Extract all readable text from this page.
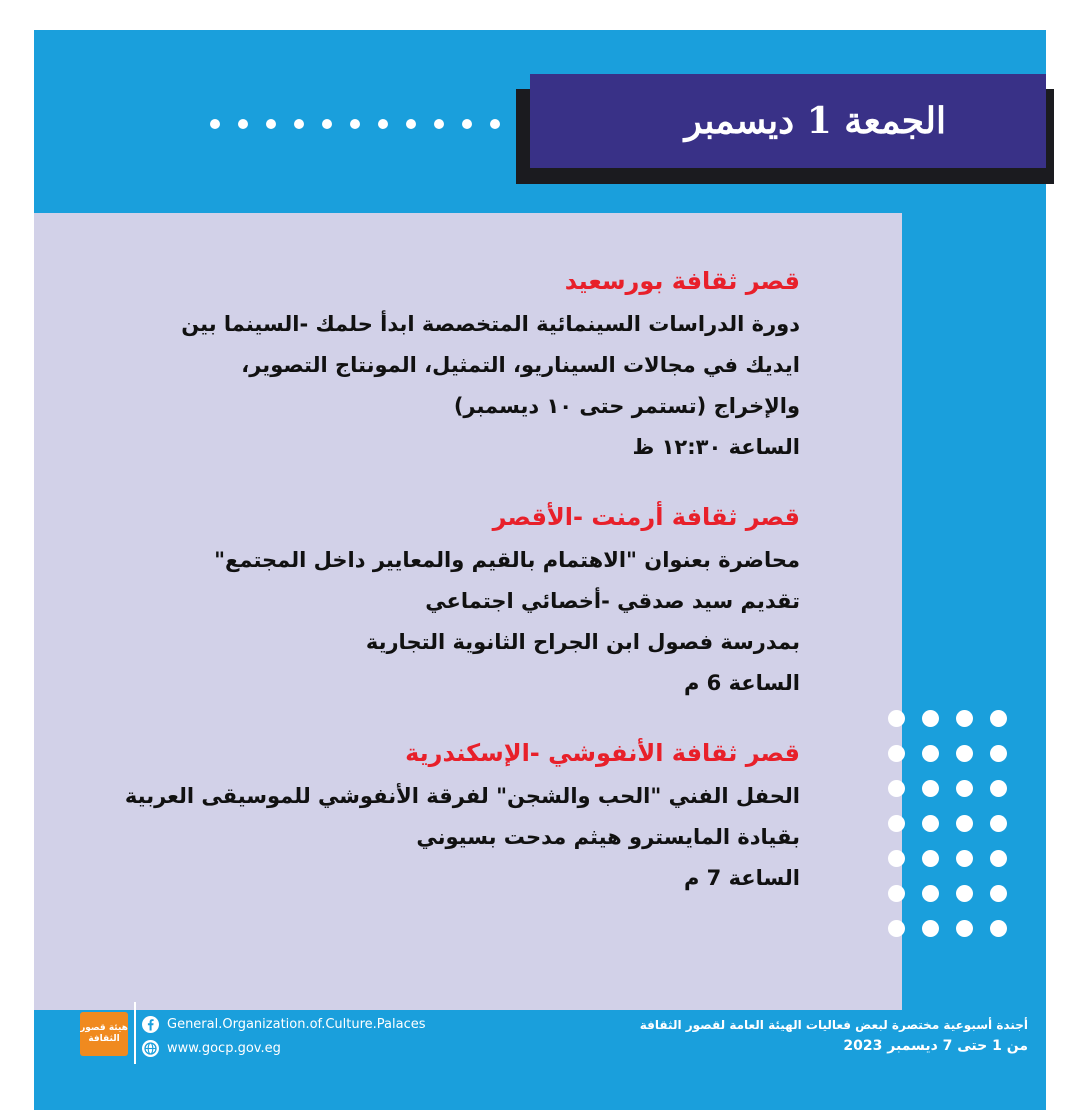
الجمعة 1 ديسمبر
قصر ثقافة بورسعيد
دورة الدراسات السينمائية المتخصصة ابدأ حلمك -السينما بين
ايديك في مجالات السيناريو، التمثيل، المونتاج التصوير،
والإخراج (تستمر حتى ١٠ ديسمبر)
الساعة ١٢:٣٠ ظ
قصر ثقافة أرمنت -الأقصر
محاضرة بعنوان "الاهتمام بالقيم والمعايير داخل المجتمع"
تقديم سيد صدقي -أخصائي اجتماعي
بمدرسة فصول ابن الجراح الثانوية التجارية
الساعة 6 م
قصر ثقافة الأنفوشي -الإسكندرية
الحفل الفني "الحب والشجن" لفرقة الأنفوشي للموسيقى العربية
بقيادة المايسترو هيثم مدحت بسيوني
الساعة 7 م
هيئة قصور الثقافة
General.Organization.of.Culture.Palaces
www.gocp.gov.eg
أجندة أسبوعية مختصرة لبعض فعاليات الهيئة العامة لقصور الثقافة
من 1 حتى 7 ديسمبر 2023
